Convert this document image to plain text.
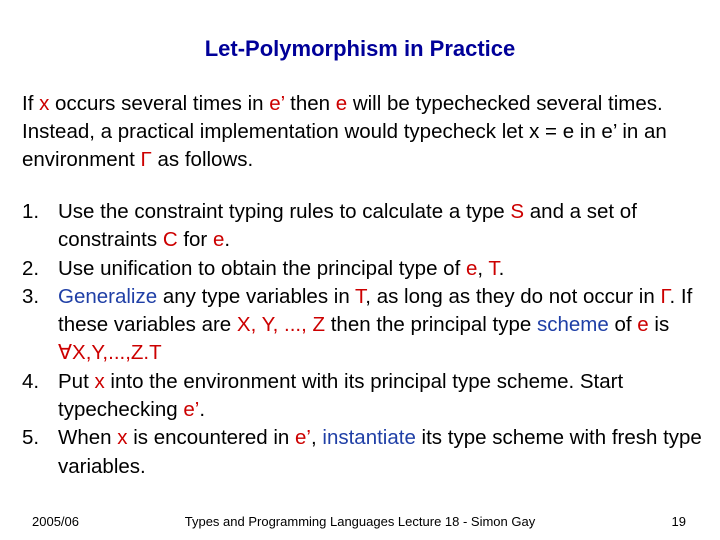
Let-Polymorphism in Practice
If x occurs several times in e’ then e will be typechecked several times. Instead, a practical implementation would typecheck let x = e in e’ in an environment Γ as follows.
1. Use the constraint typing rules to calculate a type S and a set of constraints C for e.
2. Use unification to obtain the principal type of e, T.
3. Generalize any type variables in T, as long as they do not occur in Γ. If these variables are X, Y, ..., Z then the principal type scheme of e is ∀X,Y,...,Z.T
4. Put x into the environment with its principal type scheme. Start typechecking e’.
5. When x is encountered in e’, instantiate its type scheme with fresh type variables.
2005/06	Types and Programming Languages Lecture 18 - Simon Gay	19
